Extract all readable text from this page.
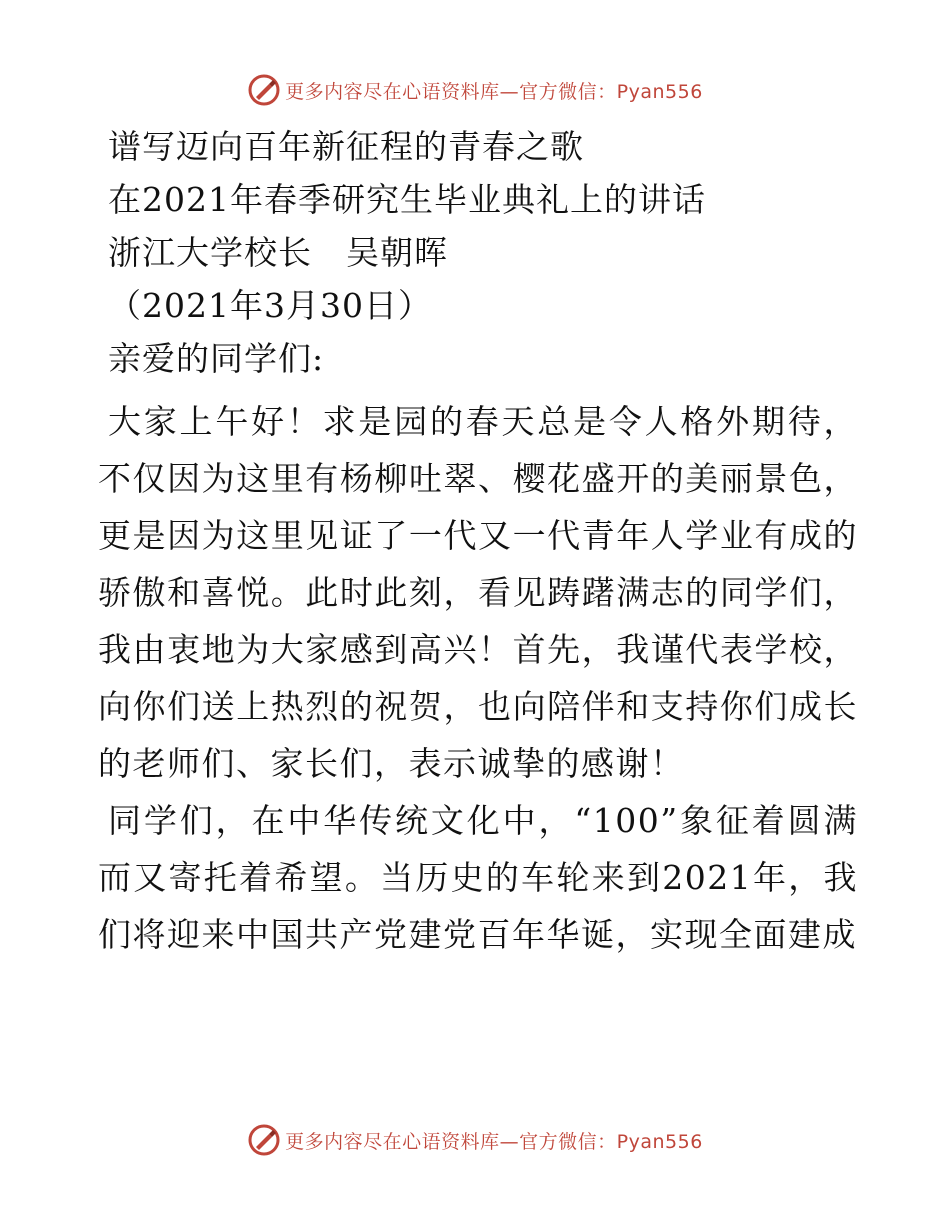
更多内容尽在心语资料库—官方微信：Pyan556

谱写迈向百年新征程的青春之歌

在2021年春季研究生毕业典礼上的讲话

浙江大学校长　吴朝晖

（2021年3月30日）

亲爱的同学们:

大家上午好！求是园的春天总是令人格外期待，不仅因为这里有杨柳吐翠、樱花盛开的美丽景色，更是因为这里见证了一代又一代青年人学业有成的骄傲和喜悦。此时此刻，看见踌躇满志的同学们，我由衷地为大家感到高兴！首先，我谨代表学校，向你们送上热烈的祝贺，也向陪伴和支持你们成长的老师们、家长们，表示诚挚的感谢！

同学们，在中华传统文化中，“100”象征着圆满而又寄托着希望。当历史的车轮来到2021年，我们将迎来中国共产党建党百年华诞，实现全面建成

更多内容尽在心语资料库—官方微信：Pyan556
